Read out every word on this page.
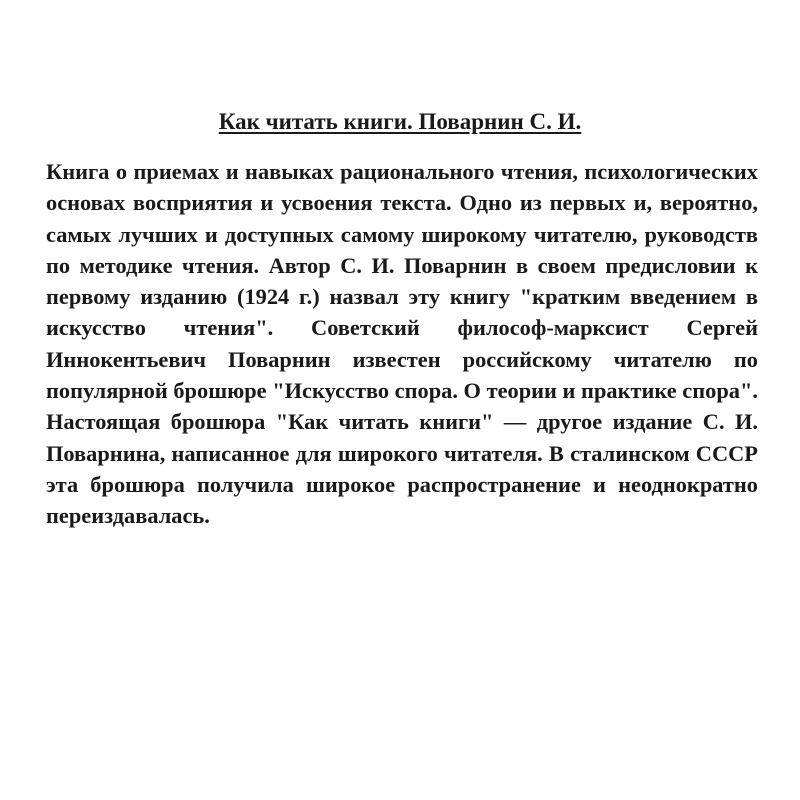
Как читать книги. Поварнин С. И.

Книга о приемах и навыках рационального чтения, психологических основах восприятия и усвоения текста. Одно из первых и, вероятно, самых лучших и доступных самому широкому читателю, руководств по методике чтения. Автор С. И. Поварнин в своем предисловии к первому изданию (1924 г.) назвал эту книгу "кратким введением в искусство чтения". Советский философ-марксист Сергей Иннокентьевич Поварнин известен российскому читателю по популярной брошюре "Искусство спора. О теории и практике спора". Настоящая брошюра "Как читать книги" — другое издание С. И. Поварнина, написанное для широкого читателя. В сталинском СССР эта брошюра получила широкое распространение и неоднократно переиздавалась.
